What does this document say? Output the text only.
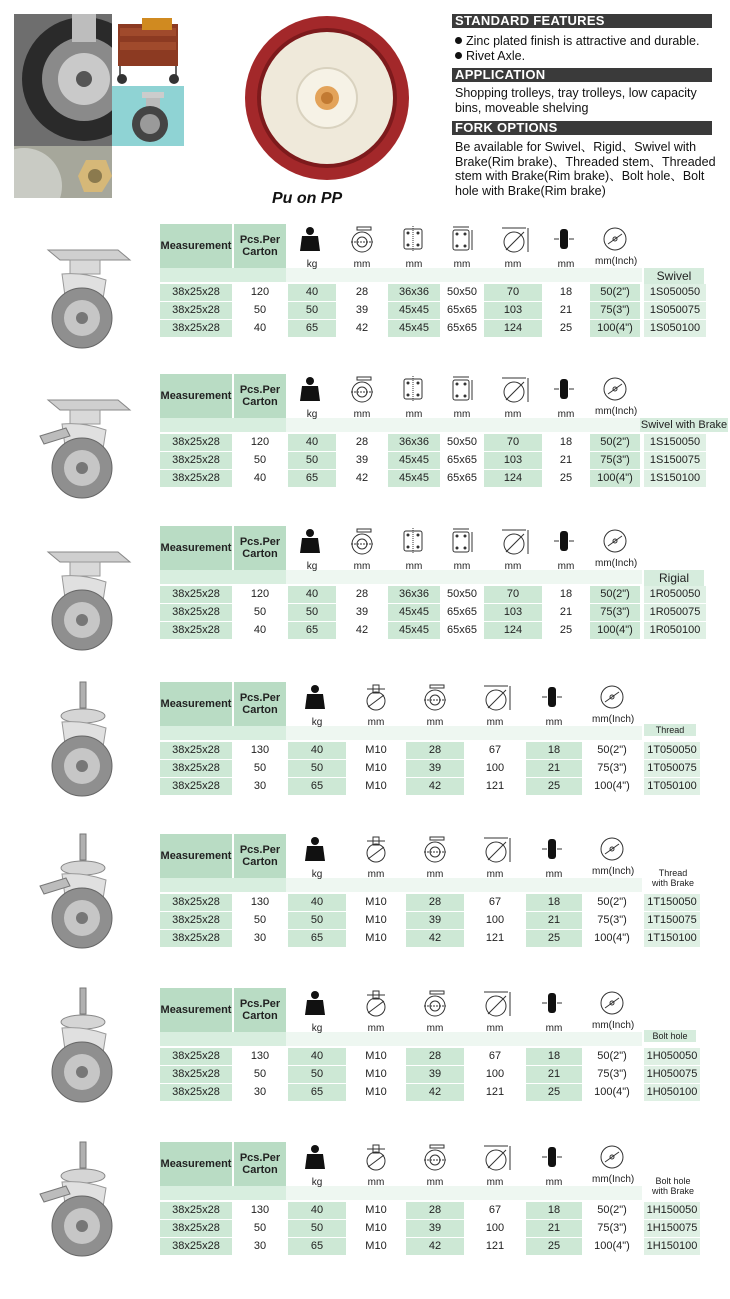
Pu on PP
STANDARD FEATURES
Zinc plated finish is attractive and durable.
Rivet Axle.
APPLICATION
Shopping trolleys, tray trolleys, low capacity bins, moveable shelving
FORK OPTIONS
Be available for Swivel、Rigid、Swivel with Brake(Rim brake)、Threaded stem、Threaded stem with Brake(Rim brake)、Bolt hole、Bolt hole with Brake(Rim brake)
Measurement Pcs.Per Carton
kg	mm	mm	mm	mm	mm	mm(Inch)
Swivel
38x25x28	120	40	28	36x36	50x50	70	18	50(2")	1S050050
38x25x28	50	50	39	45x45	65x65	103	21	75(3")	1S050075
38x25x28	40	65	42	45x45	65x65	124	25	100(4")	1S050100
Measurement Pcs.Per Carton
kg	mm	mm	mm	mm	mm	mm(Inch)
Swivel with Brake
38x25x28	120	40	28	36x36	50x50	70	18	50(2")	1S150050
38x25x28	50	50	39	45x45	65x65	103	21	75(3")	1S150075
38x25x28	40	65	42	45x45	65x65	124	25	100(4")	1S150100
Measurement Pcs.Per Carton
kg	mm	mm	mm	mm	mm	mm(Inch)
Rigial
38x25x28	120	40	28	36x36	50x50	70	18	50(2")	1R050050
38x25x28	50	50	39	45x45	65x65	103	21	75(3")	1R050075
38x25x28	40	65	42	45x45	65x65	124	25	100(4")	1R050100
Measurement Pcs.Per Carton
kg	mm	mm	mm	mm	mm(Inch)
Thread
38x25x28	130	40	M10	28	67	18	50(2")	1T050050
38x25x28	50	50	M10	39	100	21	75(3")	1T050075
38x25x28	30	65	M10	42	121	25	100(4")	1T050100
Measurement Pcs.Per Carton
kg	mm	mm	mm	mm	mm(Inch)	Thread
with Brake
38x25x28	130	40	M10	28	67	18	50(2")	1T150050
38x25x28	50	50	M10	39	100	21	75(3")	1T150075
38x25x28	30	65	M10	42	121	25	100(4")	1T150100
Measurement Pcs.Per Carton
kg	mm	mm	mm	mm	mm(Inch)
Bolt hole
38x25x28	130	40	M10	28	67	18	50(2")	1H050050
38x25x28	50	50	M10	39	100	21	75(3")	1H050075
38x25x28	30	65	M10	42	121	25	100(4")	1H050100
Measurement Pcs.Per Carton
kg	mm	mm	mm	mm	mm(Inch)	Bolt hole
with Brake
38x25x28	130	40	M10	28	67	18	50(2")	1H150050
38x25x28	50	50	M10	39	100	21	75(3")	1H150075
38x25x28	30	65	M10	42	121	25	100(4")	1H150100
